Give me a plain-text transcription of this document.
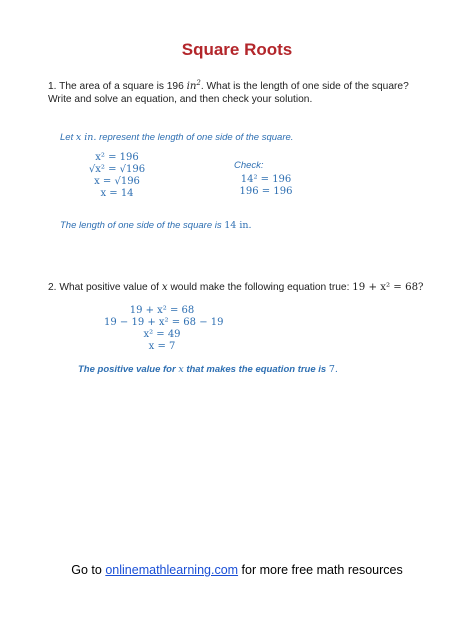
Square Roots
1. The area of a square is 196 $in^2$. What is the length of one side of the square? Write and solve an equation, and then check your solution.
Let x in. represent the length of one side of the square.
x² = 196
√x² = √196
x = √196
x = 14
Check:
14² = 196
196 = 196
The length of one side of the square is 14 in.
2. What positive value of x would make the following equation true: 19 + x² = 68?
19 + x² = 68
19 − 19 + x² = 68 − 19
x² = 49
x = 7
The positive value for x that makes the equation true is 7.
Go to onlinemathlearning.com for more free math resources
